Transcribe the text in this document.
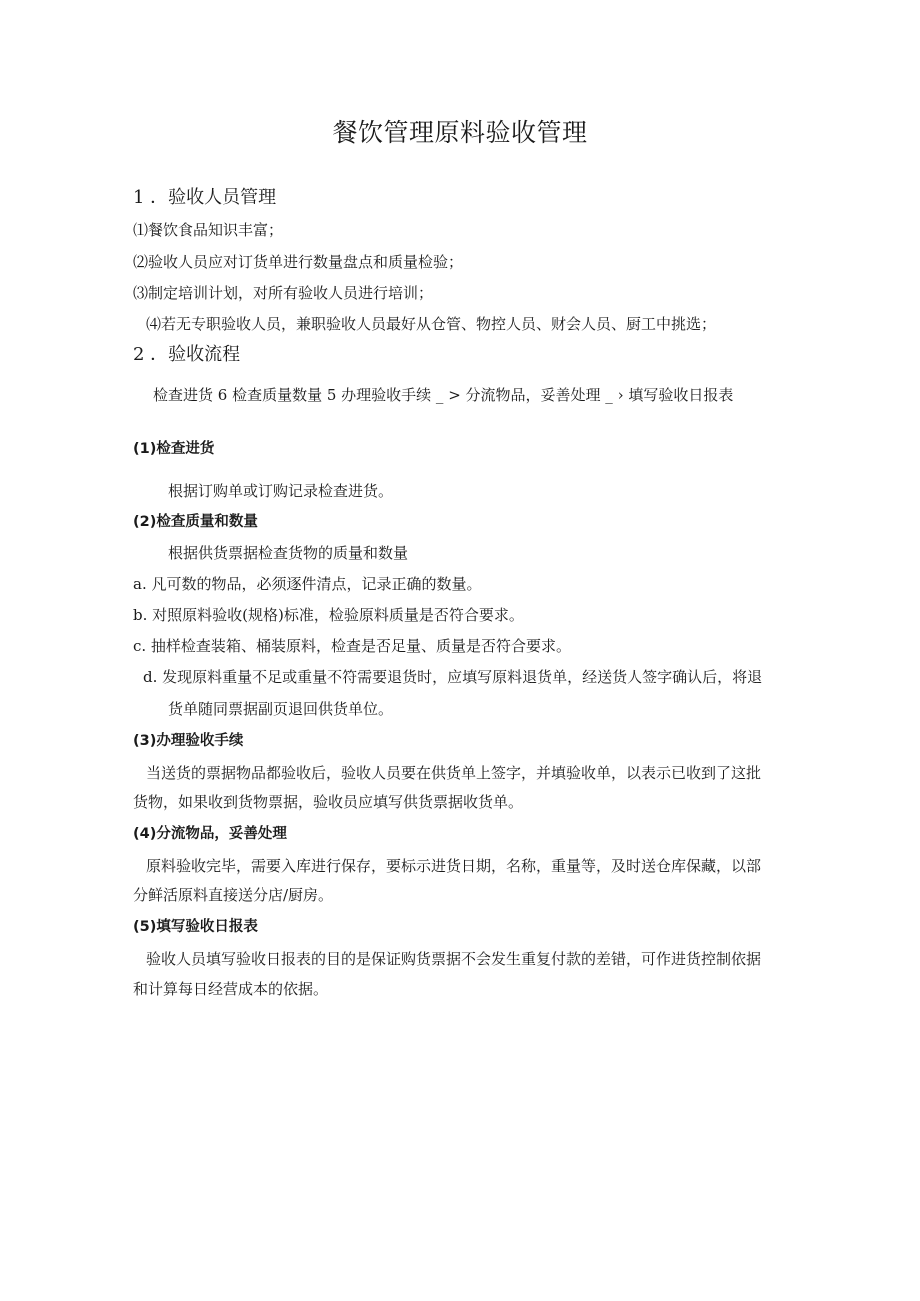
餐饮管理原料验收管理
1 ．验收人员管理
⑴餐饮食品知识丰富；
⑵验收人员应对订货单进行数量盘点和质量检验；
⑶制定培训计划，对所有验收人员进行培训；
⑷若无专职验收人员，兼职验收人员最好从仓管、物控人员、财会人员、厨工中挑选；
2 ．验收流程
检查进货 6 检查质量数量 5 办理验收手续 _ > 分流物品，妥善处理 _ › 填写验收日报表
(1)检查进货
根据订购单或订购记录检查进货。
(2)检查质量和数量
根据供货票据检查货物的质量和数量
a. 凡可数的物品，必须逐件清点，记录正确的数量。
b. 对照原料验收(规格)标准，检验原料质量是否符合要求。
c. 抽样检查装箱、桶装原料，检查是否足量、质量是否符合要求。
d. 发现原料重量不足或重量不符需要退货时，应填写原料退货单，经送货人签字确认后，将退
货单随同票据副页退回供货单位。
(3)办理验收手续
当送货的票据物品都验收后，验收人员要在供货单上签字，并填验收单，以表示已收到了这批
货物，如果收到货物票据，验收员应填写供货票据收货单。
(4)分流物品，妥善处理
原料验收完毕，需要入库进行保存，要标示进货日期，名称，重量等，及时送仓库保藏，以部
分鲜活原料直接送分店/厨房。
(5)填写验收日报表
验收人员填写验收日报表的目的是保证购货票据不会发生重复付款的差错，可作进货控制依据
和计算每日经营成本的依据。
